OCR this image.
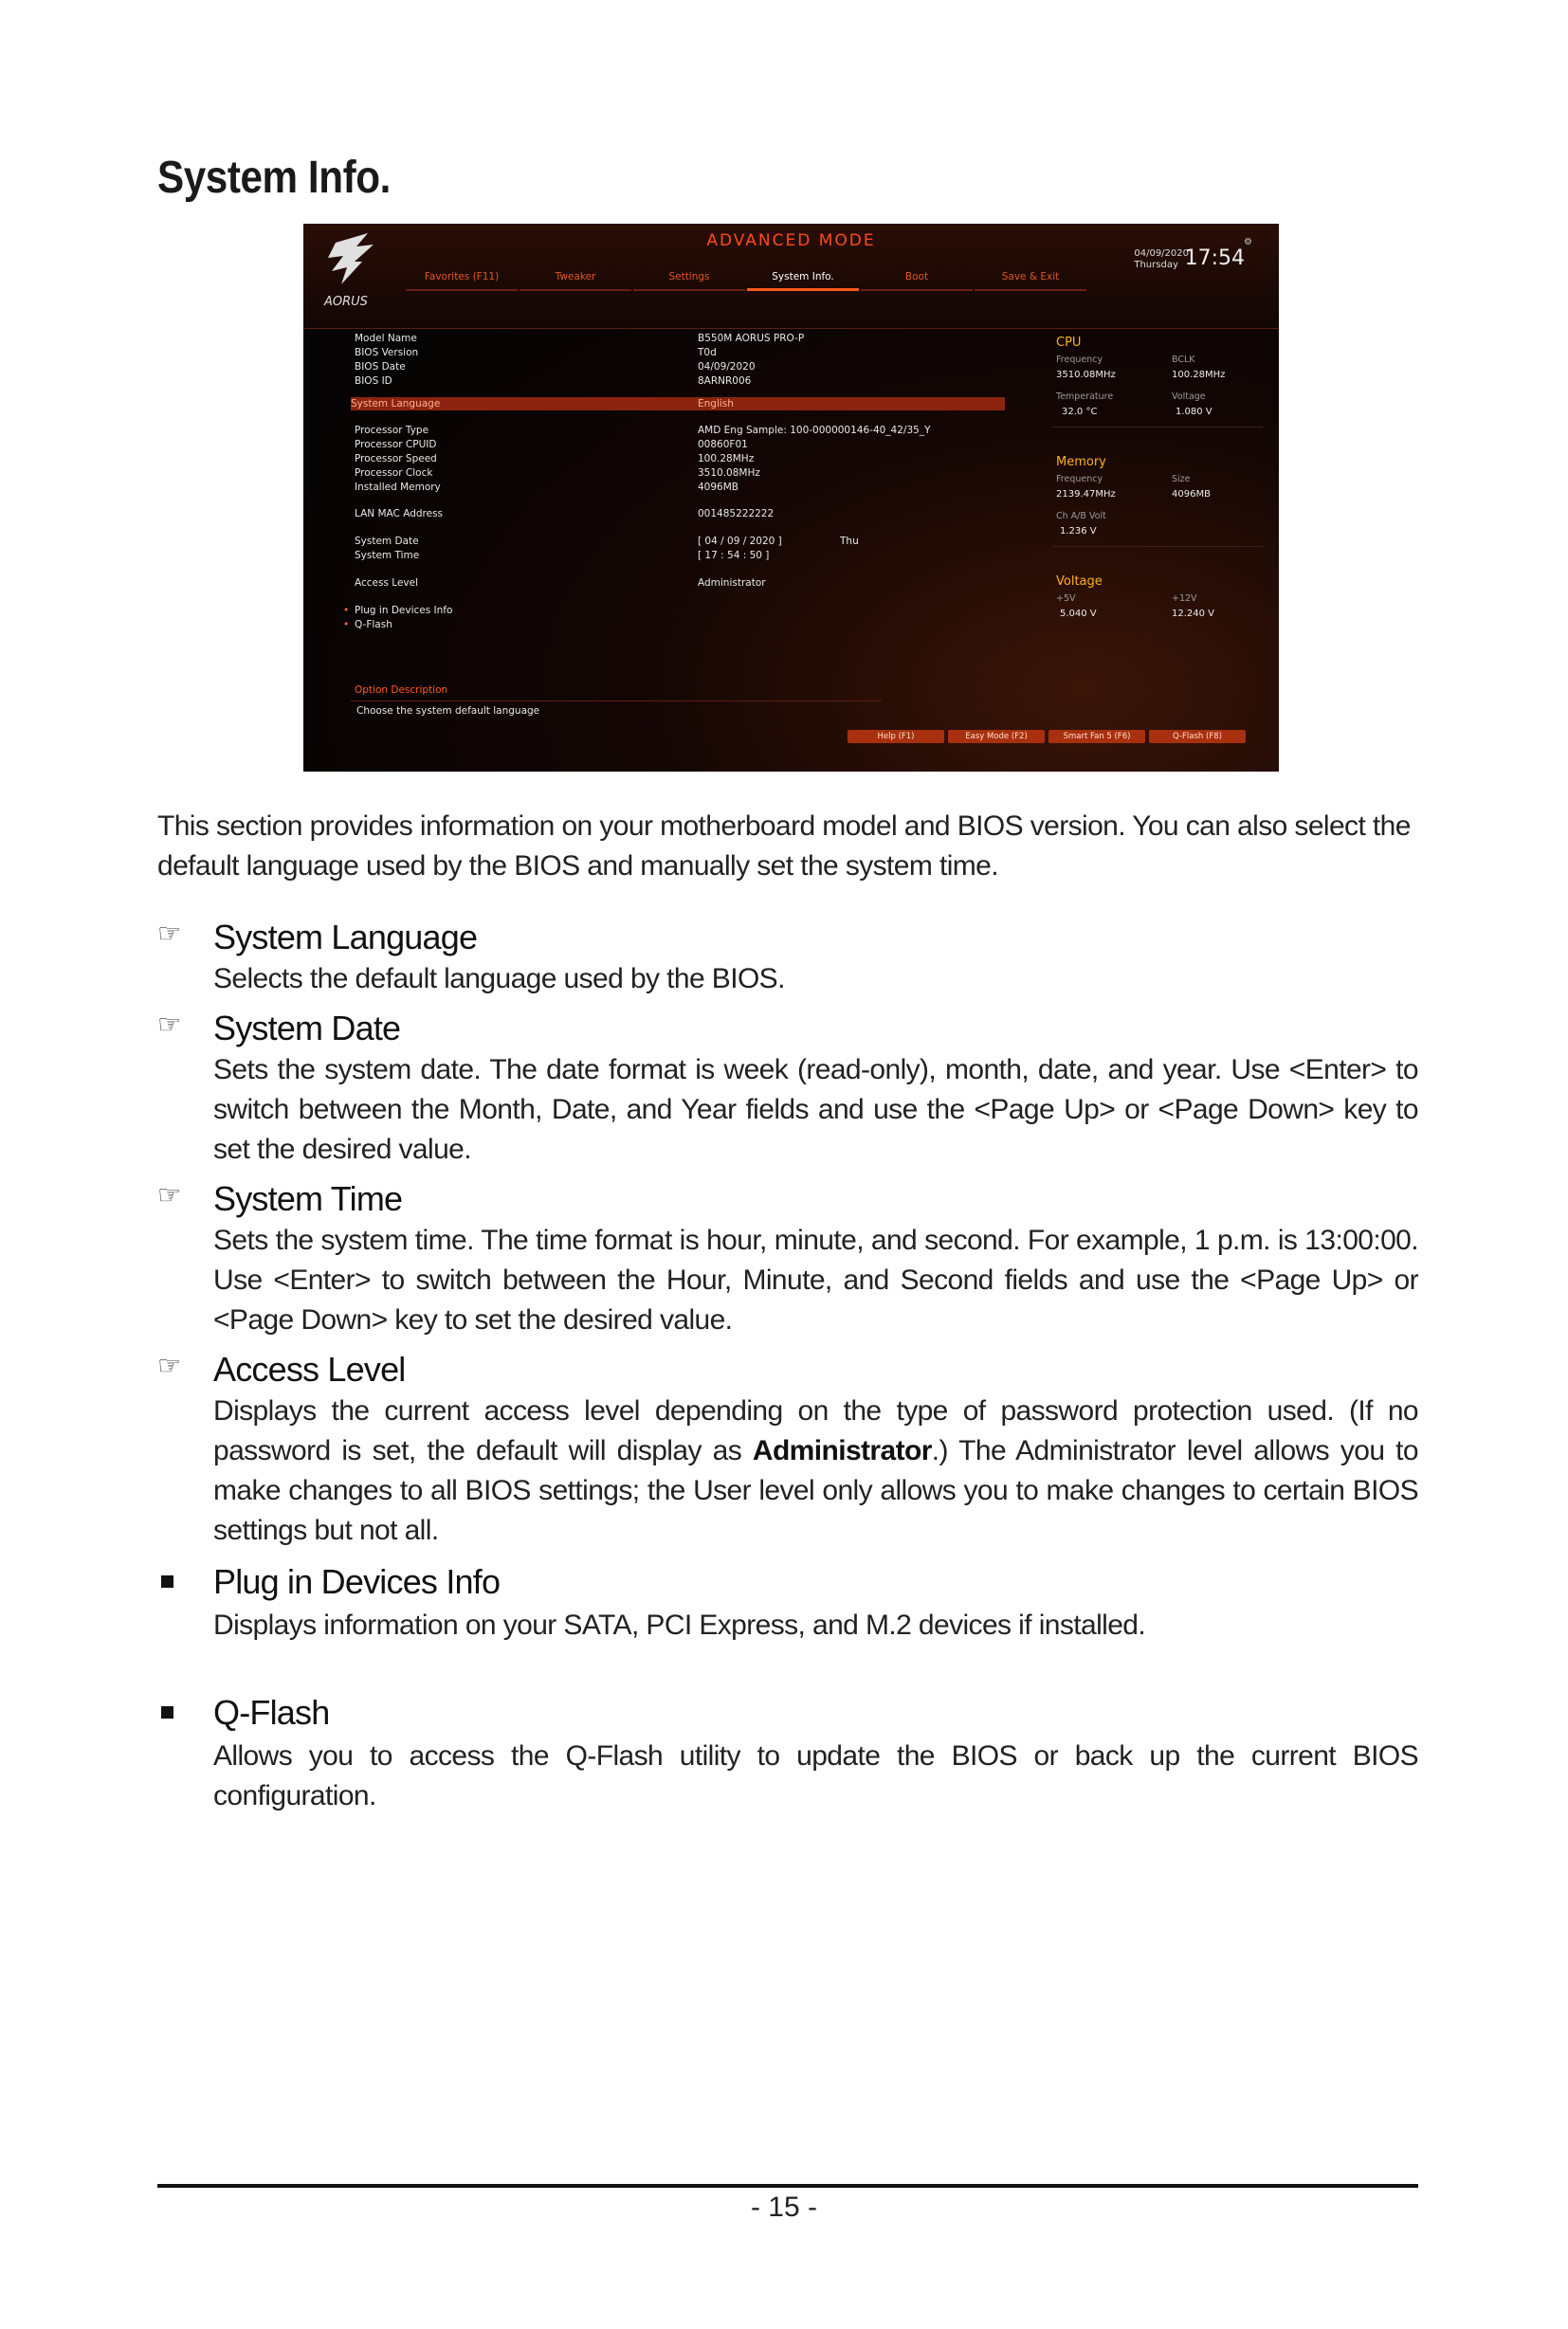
System Info.
AORUS
ADVANCED MODE
Favorites (F11)	Tweaker	Settings	System Info.	Boot	Save & Exit
04/09/2020
Thursday 17:54
⚙
Model Name	B550M AORUS PRO-P
BIOS Version	T0d
BIOS Date	04/09/2020
BIOS ID	8ARNR006
System Language	English
Processor Type	AMD Eng Sample: 100-000000146-40_42/35_Y
Processor CPUID	00860F01
Processor Speed	100.28MHz
Processor Clock	3510.08MHz
Installed Memory	4096MB
LAN MAC Address	001485222222
System Date	[ 04 / 09 / 2020 ]	Thu
System Time	[ 17 : 54 : 50 ]
Access Level	Administrator
• Plug in Devices Info
• Q-Flash
CPU
Frequency	BCLK
3510.08MHz	100.28MHz
Temperature	Voltage
32.0 °C	1.080 V
Memory
Frequency	Size
2139.47MHz	4096MB
Ch A/B Volt
1.236 V
Voltage
+5V	+12V
5.040 V	12.240 V
Option Description
Choose the system default language
Help (F1)	Easy Mode (F2)	Smart Fan 5 (F6)	Q-Flash (F8)

This section provides information on your motherboard model and BIOS version. You can also select the default language used by the BIOS and manually set the system time.

☞ System Language

Selects the default language used by the BIOS.

☞ System Date

Sets the system date. The date format is week (read-only), month, date, and year. Use <Enter> to switch between the Month, Date, and Year fields and use the <Page Up> or <Page Down> key to set the desired value.

☞ System Time

Sets the system time. The time format is hour, minute, and second. For example, 1 p.m. is 13:00:00. Use <Enter> to switch between the Hour, Minute, and Second fields and use the <Page Up> or <Page Down> key to set the desired value.

☞ Access Level

Displays the current access level depending on the type of password protection used. (If no password is set, the default will display as Administrator.) The Administrator level allows you to make changes to all BIOS settings; the User level only allows you to make changes to certain BIOS settings but not all.

Plug in Devices Info

Displays information on your SATA, PCI Express, and M.2 devices if installed.

Q-Flash

Allows you to access the Q-Flash utility to update the BIOS or back up the current BIOS configuration.

- 15 -
